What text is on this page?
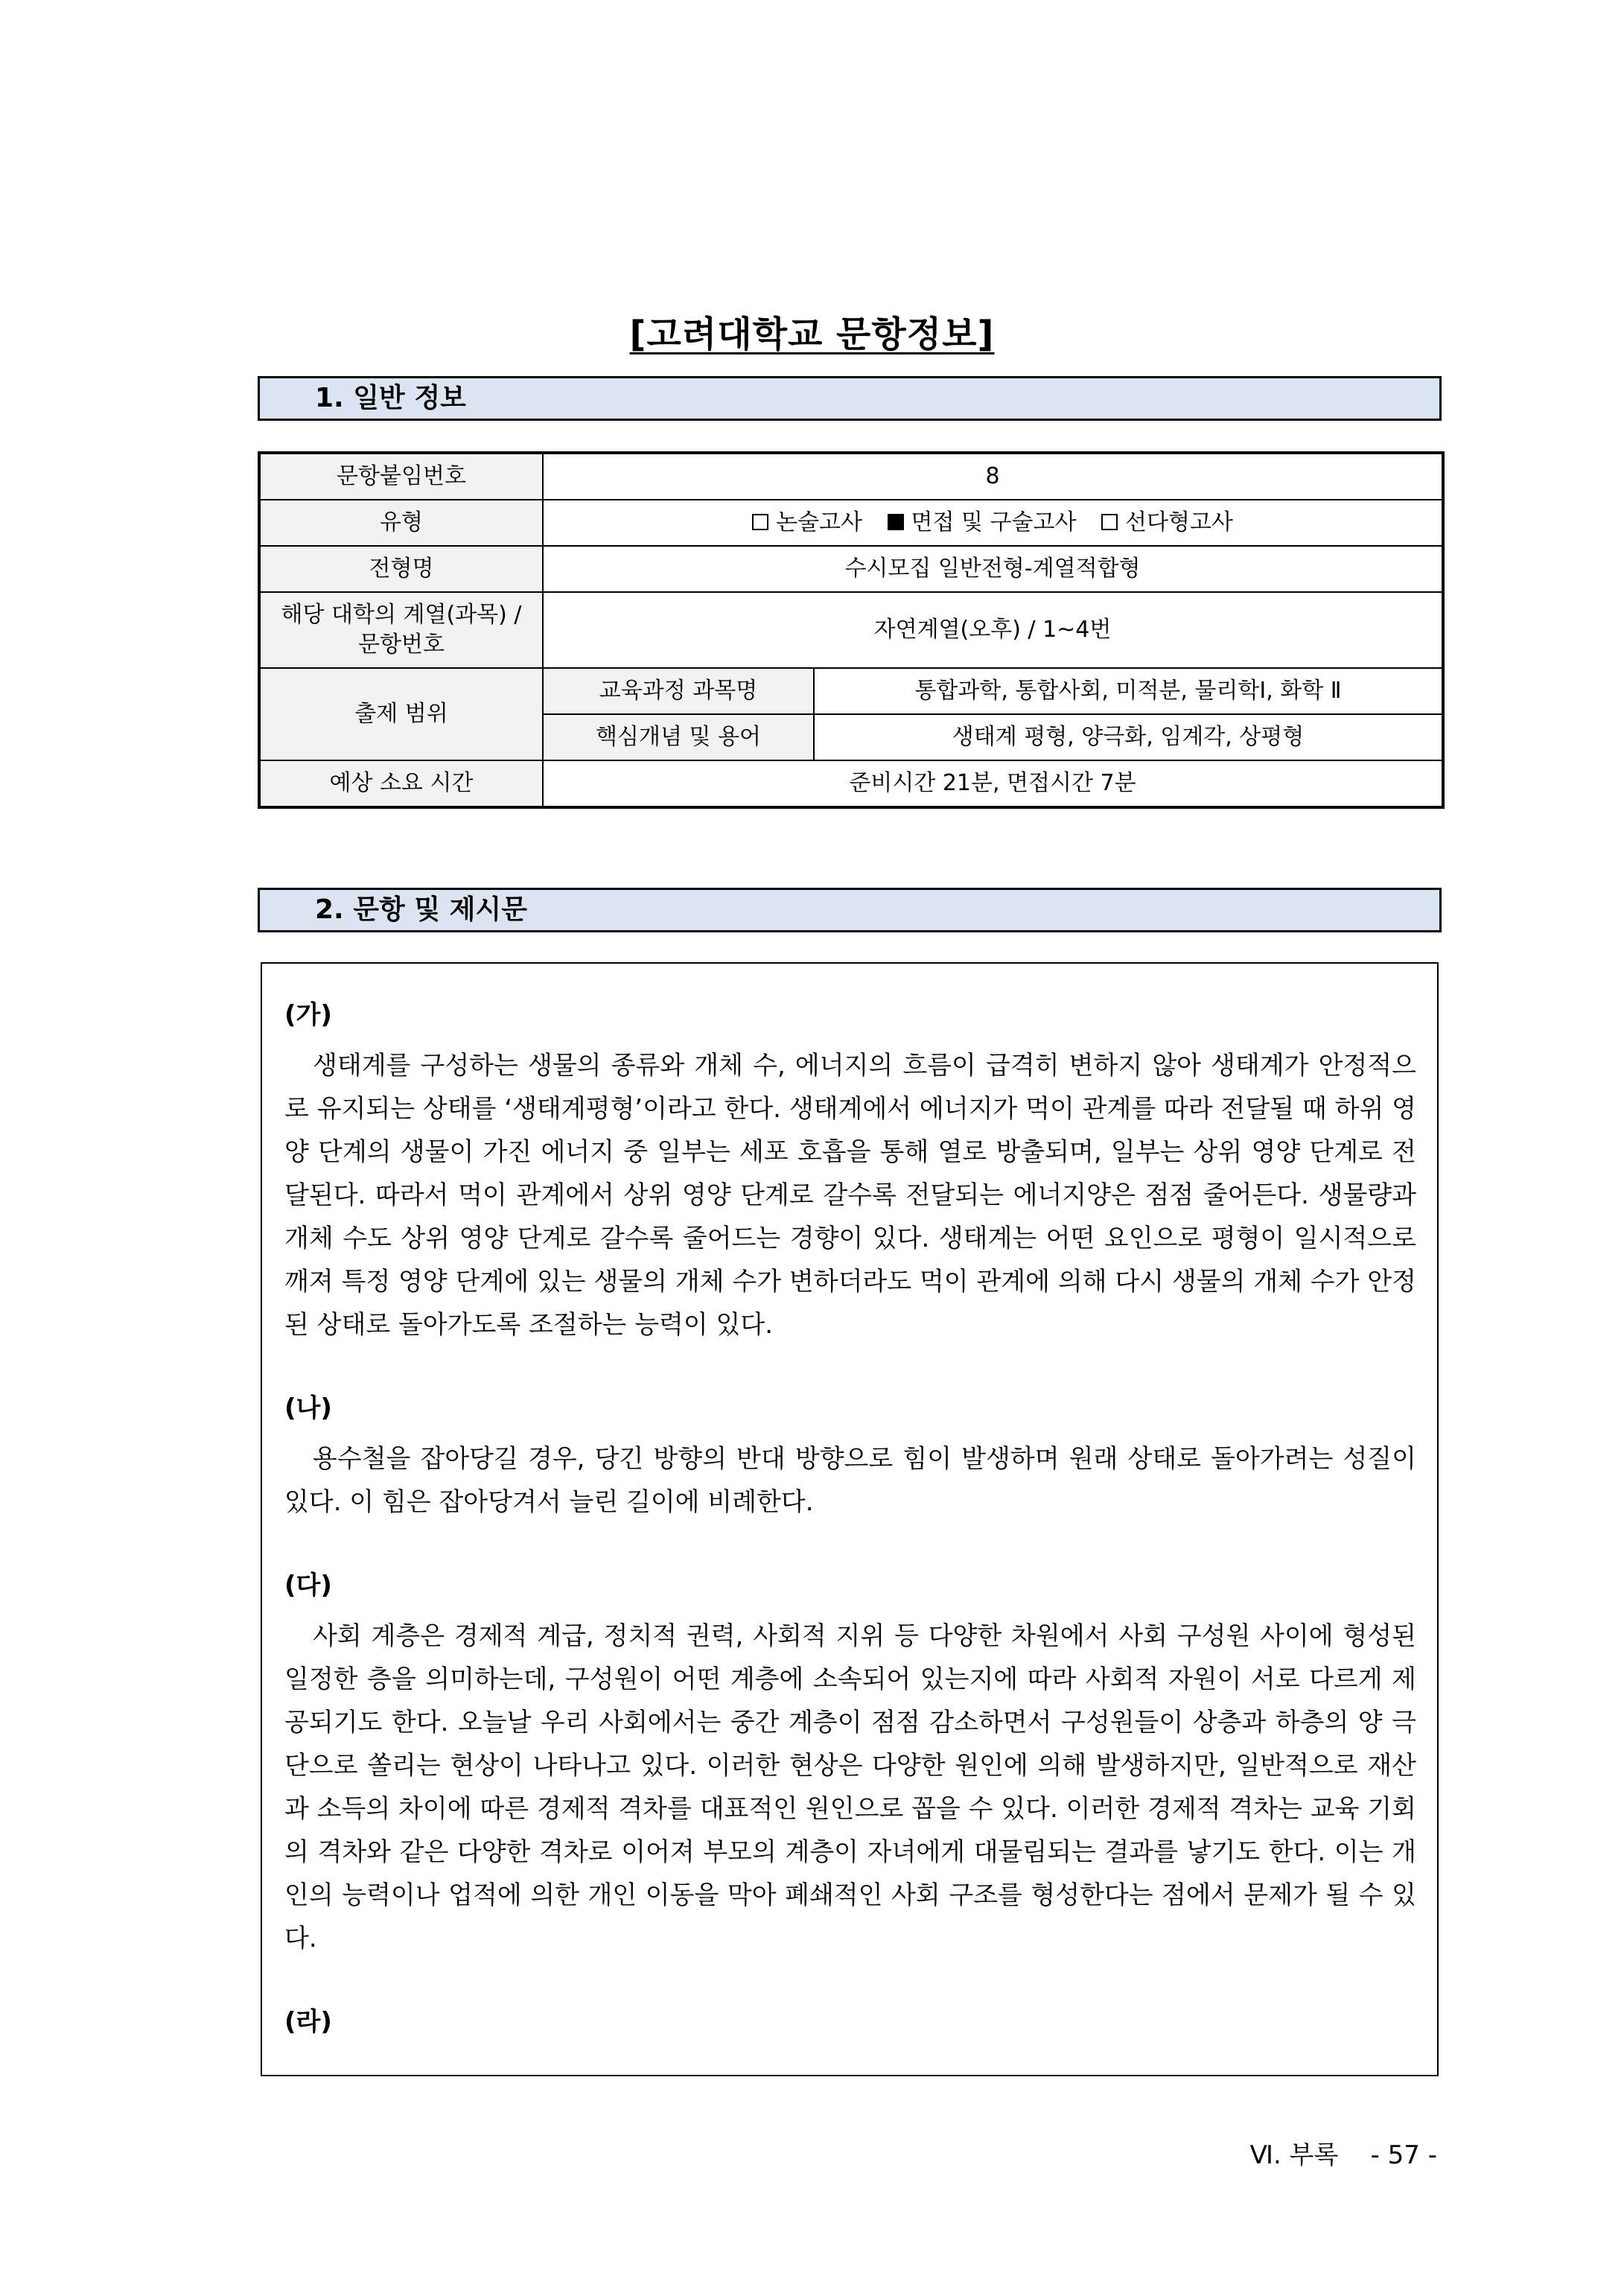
[고려대학교 문항정보]
1. 일반 정보
문항붙임번호	8	
유형	논술고사 면접 및 구술고사 선다형고사	
전형명	수시모집 일반전형-계열적합형	

해당 대학의 계열(과목) /
문항번호	자연계열(오후) / 1~4번	
출제 범위	교육과정 과목명	통합과학, 통합사회, 미적분, 물리학Ⅰ, 화학 Ⅱ
	핵심개념 및 용어	생태계 평형, 양극화, 임계각, 상평형
예상 소요 시간	준비시간 21분, 면접시간 7분	
2. 문항 및 제시문
(가)

생태계를 구성하는 생물의 종류와 개체 수, 에너지의 흐름이 급격히 변하지 않아 생태계가 안정적으로 유지되는 상태를 ‘생태계평형’이라고 한다. 생태계에서 에너지가 먹이 관계를 따라 전달될 때 하위 영양 단계의 생물이 가진 에너지 중 일부는 세포 호흡을 통해 열로 방출되며, 일부는 상위 영양 단계로 전달된다. 따라서 먹이 관계에서 상위 영양 단계로 갈수록 전달되는 에너지양은 점점 줄어든다. 생물량과 개체 수도 상위 영양 단계로 갈수록 줄어드는 경향이 있다. 생태계는 어떤 요인으로 평형이 일시적으로 깨져 특정 영양 단계에 있는 생물의 개체 수가 변하더라도 먹이 관계에 의해 다시 생물의 개체 수가 안정된 상태로 돌아가도록 조절하는 능력이 있다.

(나)

용수철을 잡아당길 경우, 당긴 방향의 반대 방향으로 힘이 발생하며 원래 상태로 돌아가려는 성질이 있다. 이 힘은 잡아당겨서 늘린 길이에 비례한다.

(다)

사회 계층은 경제적 계급, 정치적 권력, 사회적 지위 등 다양한 차원에서 사회 구성원 사이에 형성된 일정한 층을 의미하는데, 구성원이 어떤 계층에 소속되어 있는지에 따라 사회적 자원이 서로 다르게 제공되기도 한다. 오늘날 우리 사회에서는 중간 계층이 점점 감소하면서 구성원들이 상층과 하층의 양 극단으로 쏠리는 현상이 나타나고 있다. 이러한 현상은 다양한 원인에 의해 발생하지만, 일반적으로 재산과 소득의 차이에 따른 경제적 격차를 대표적인 원인으로 꼽을 수 있다. 이러한 경제적 격차는 교육 기회의 격차와 같은 다양한 격차로 이어져 부모의 계층이 자녀에게 대물림되는 결과를 낳기도 한다. 이는 개인의 능력이나 업적에 의한 개인 이동을 막아 폐쇄적인 사회 구조를 형성한다는 점에서 문제가 될 수 있다.

(라)
Ⅵ. 부록 - 57 -
